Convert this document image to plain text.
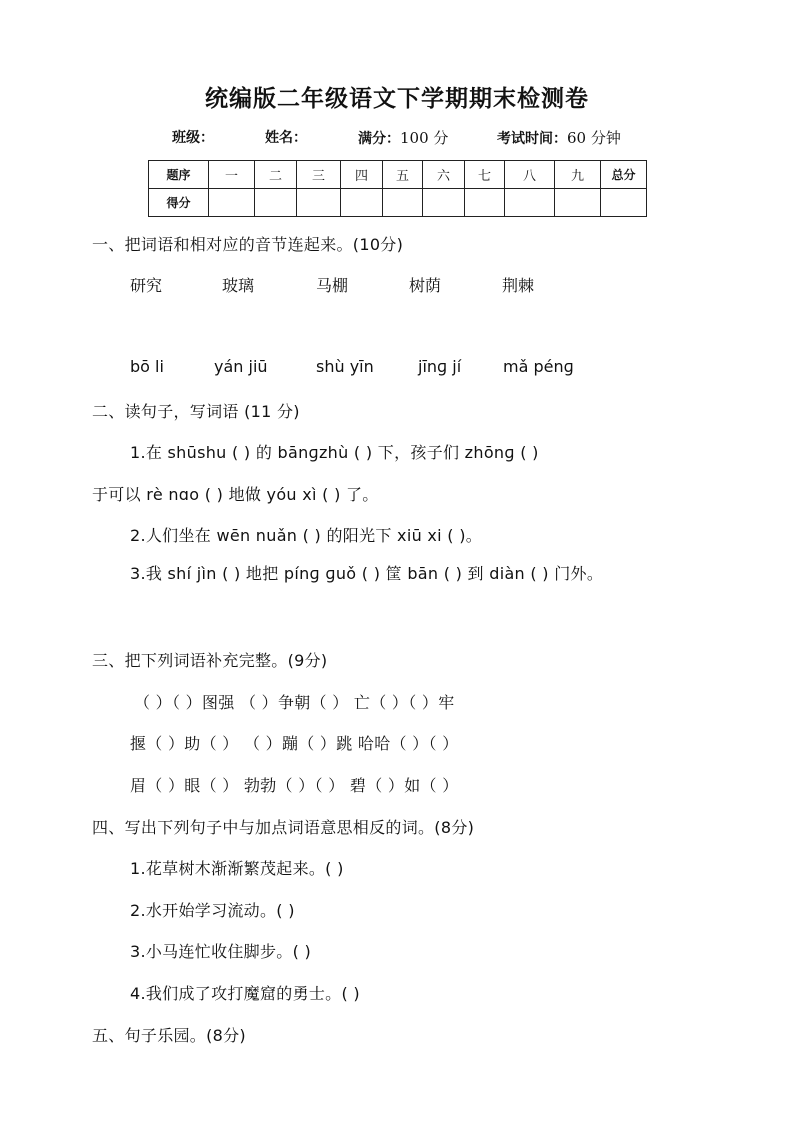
统编版二年级语文下学期期末检测卷
班级：	姓名：	满分：100 分	考试时间：60 分钟
题序	一	二	三	四	五	六	七	八	九	总分
得分										
一、把词语和相对应的音节连起来。(10分)
研究	玻璃	马棚	树荫	荆棘
bō li	yán jiū	shù yīn	jīnɡ jí	mǎ pénɡ
二、读句子，写词语 (11 分)
1.在 shūshu ( ) 的 bānɡzhù ( ) 下，孩子们 zhōnɡ ( )
于可以 rè nɑo ( ) 地做 yóu xì ( ) 了。
2.人们坐在 wēn nuǎn ( ) 的阳光下 xiū xi ( )。
3.我 shí jìn ( ) 地把 pínɡ ɡuǒ ( ) 筐 bān ( ) 到 diàn ( ) 门外。
三、把下列词语补充完整。(9分)
（ ）（ ）图强 （ ）争朝（ ） 亡（ ）（ ）牢
揠（ ）助（ ） （ ）蹦（ ）跳 哈哈（ ）（ ）
眉（ ）眼（ ） 勃勃（ ）（ ） 碧（ ）如（ ）
四、写出下列句子中与加点词语意思相反的词。(8分)
1.花草树木渐渐繁茂起来。( )
2.水开始学习流动。( )
3.小马连忙收住脚步。( )
4.我们成了攻打魔窟的勇士。( )
五、句子乐园。(8分)
